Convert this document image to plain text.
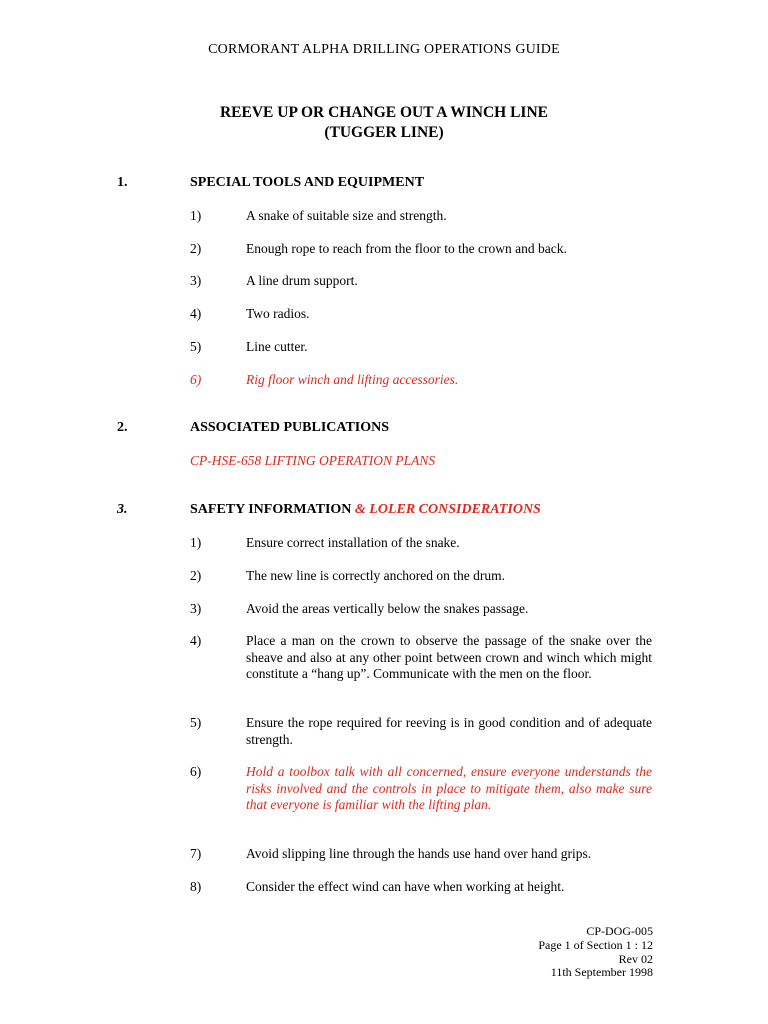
CORMORANT ALPHA DRILLING OPERATIONS GUIDE
REEVE UP OR CHANGE OUT A WINCH LINE
(TUGGER LINE)
1.	SPECIAL TOOLS AND EQUIPMENT
1)	A snake of suitable size and strength.
2)	Enough rope to reach from the floor to the crown and back.
3)	A line drum support.
4)	Two radios.
5)	Line cutter.
6)	Rig floor winch and lifting accessories.
2.	ASSOCIATED PUBLICATIONS
CP-HSE-658 LIFTING OPERATION PLANS
3.	SAFETY INFORMATION & LOLER CONSIDERATIONS
1)	Ensure correct installation of the snake.
2)	The new line is correctly anchored on the drum.
3)	Avoid the areas vertically below the snakes passage.
4)	Place a man on the crown to observe the passage of the snake over the sheave and also at any other point between crown and winch which might constitute a “hang up”. Communicate with the men on the floor.
5)	Ensure the rope required for reeving is in good condition and of adequate strength.
6)	Hold a toolbox talk with all concerned, ensure everyone understands the risks involved and the controls in place to mitigate them, also make sure that everyone is familiar with the lifting plan.
7)	Avoid slipping line through the hands use hand over hand grips.
8)	Consider the effect wind can have when working at height.
CP-DOG-005
Page 1 of Section 1 : 12
Rev 02
11th September 1998
